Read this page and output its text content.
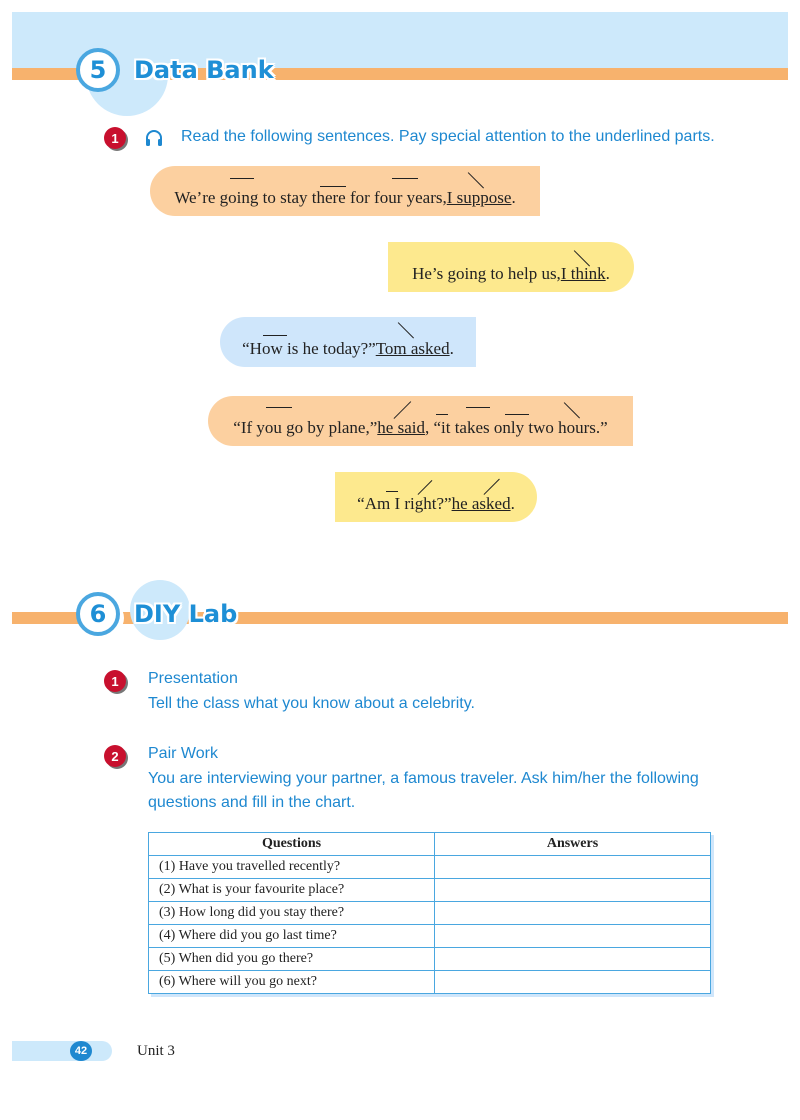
5	Data Bank
1	Read the following sentences. Pay special attention to the underlined parts.
We’re going to stay there for four years, I suppose .
He’s going to help us, I think .
“How is he today?” Tom asked .
“If you go by plane,” he said , “it takes only two hours.”
“Am I right?” he asked .
6	DIY Lab
1	Presentation
Tell the class what you know about a celebrity.
2	Pair Work
You are interviewing your partner, a famous traveler. Ask him/her the following questions and fill in the chart.
Questions	Answers
(1) Have you travelled recently?	
(2) What is your favourite place?	
(3) How long did you stay there?	
(4) Where did you go last time?	
(5) When did you go there?	
(6) Where will you go next?	
42	Unit 3
